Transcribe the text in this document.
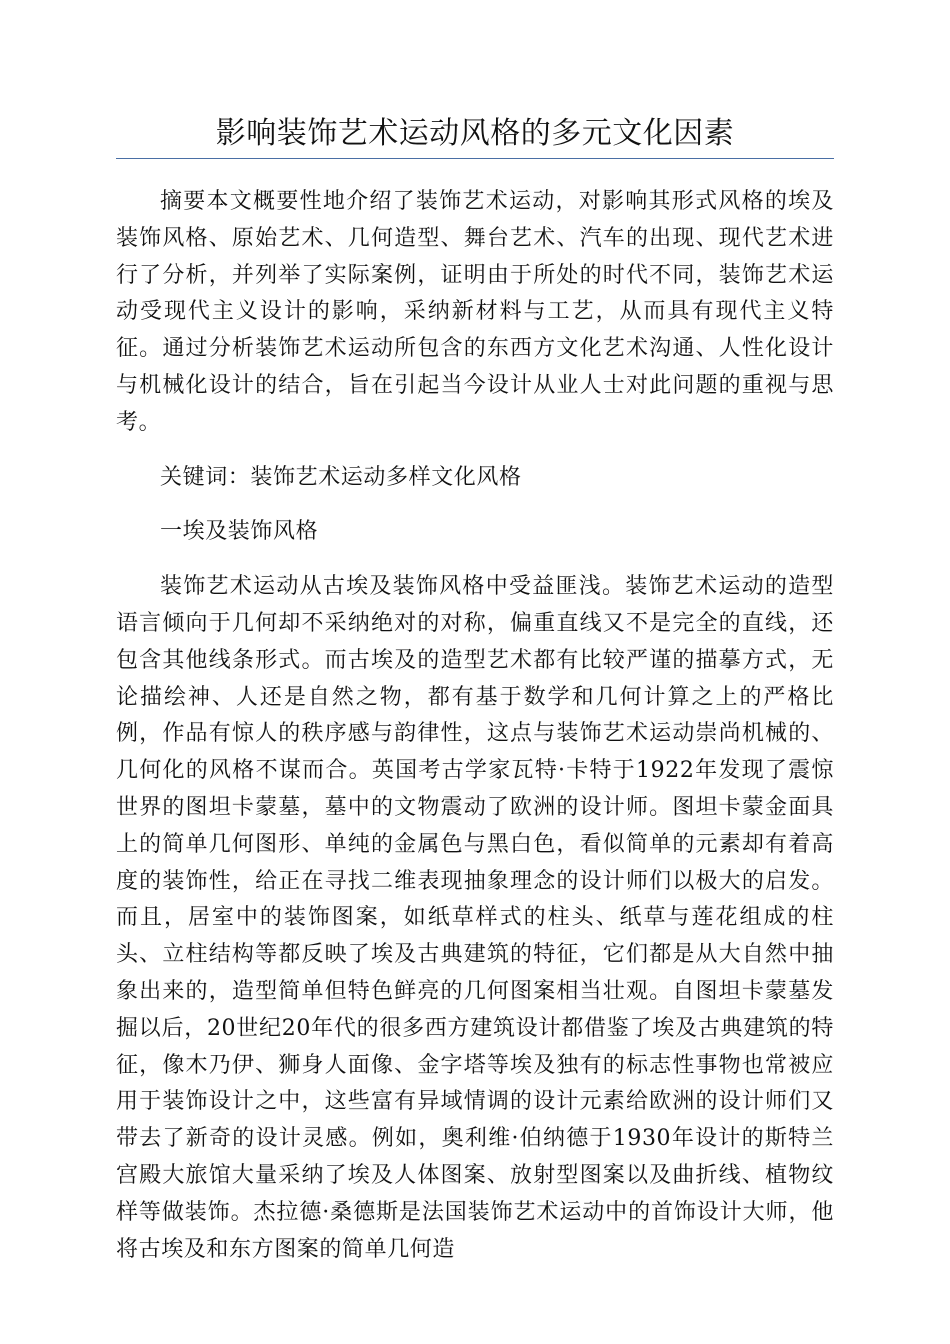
影响装饰艺术运动风格的多元文化因素

摘要本文概要性地介绍了装饰艺术运动，对影响其形式风格的埃及装饰风格、原始艺术、几何造型、舞台艺术、汽车的出现、现代艺术进行了分析，并列举了实际案例，证明由于所处的时代不同，装饰艺术运动受现代主义设计的影响，采纳新材料与工艺，从而具有现代主义特征。通过分析装饰艺术运动所包含的东西方文化艺术沟通、人性化设计与机械化设计的结合，旨在引起当今设计从业人士对此问题的重视与思考。

关键词：装饰艺术运动多样文化风格

一埃及装饰风格

装饰艺术运动从古埃及装饰风格中受益匪浅。装饰艺术运动的造型语言倾向于几何却不采纳绝对的对称，偏重直线又不是完全的直线，还包含其他线条形式。而古埃及的造型艺术都有比较严谨的描摹方式，无论描绘神、人还是自然之物，都有基于数学和几何计算之上的严格比例，作品有惊人的秩序感与韵律性，这点与装饰艺术运动崇尚机械的、几何化的风格不谋而合。英国考古学家瓦特·卡特于1922年发现了震惊世界的图坦卡蒙墓，墓中的文物震动了欧洲的设计师。图坦卡蒙金面具上的简单几何图形、单纯的金属色与黑白色，看似简单的元素却有着高度的装饰性，给正在寻找二维表现抽象理念的设计师们以极大的启发。而且，居室中的装饰图案，如纸草样式的柱头、纸草与莲花组成的柱头、立柱结构等都反映了埃及古典建筑的特征，它们都是从大自然中抽象出来的，造型简单但特色鲜亮的几何图案相当壮观。自图坦卡蒙墓发掘以后，20世纪20年代的很多西方建筑设计都借鉴了埃及古典建筑的特征，像木乃伊、狮身人面像、金字塔等埃及独有的标志性事物也常被应用于装饰设计之中，这些富有异域情调的设计元素给欧洲的设计师们又带去了新奇的设计灵感。例如，奥利维·伯纳德于1930年设计的斯特兰宫殿大旅馆大量采纳了埃及人体图案、放射型图案以及曲折线、植物纹样等做装饰。杰拉德·桑德斯是法国装饰艺术运动中的首饰设计大师，他将古埃及和东方图案的简单几何造
